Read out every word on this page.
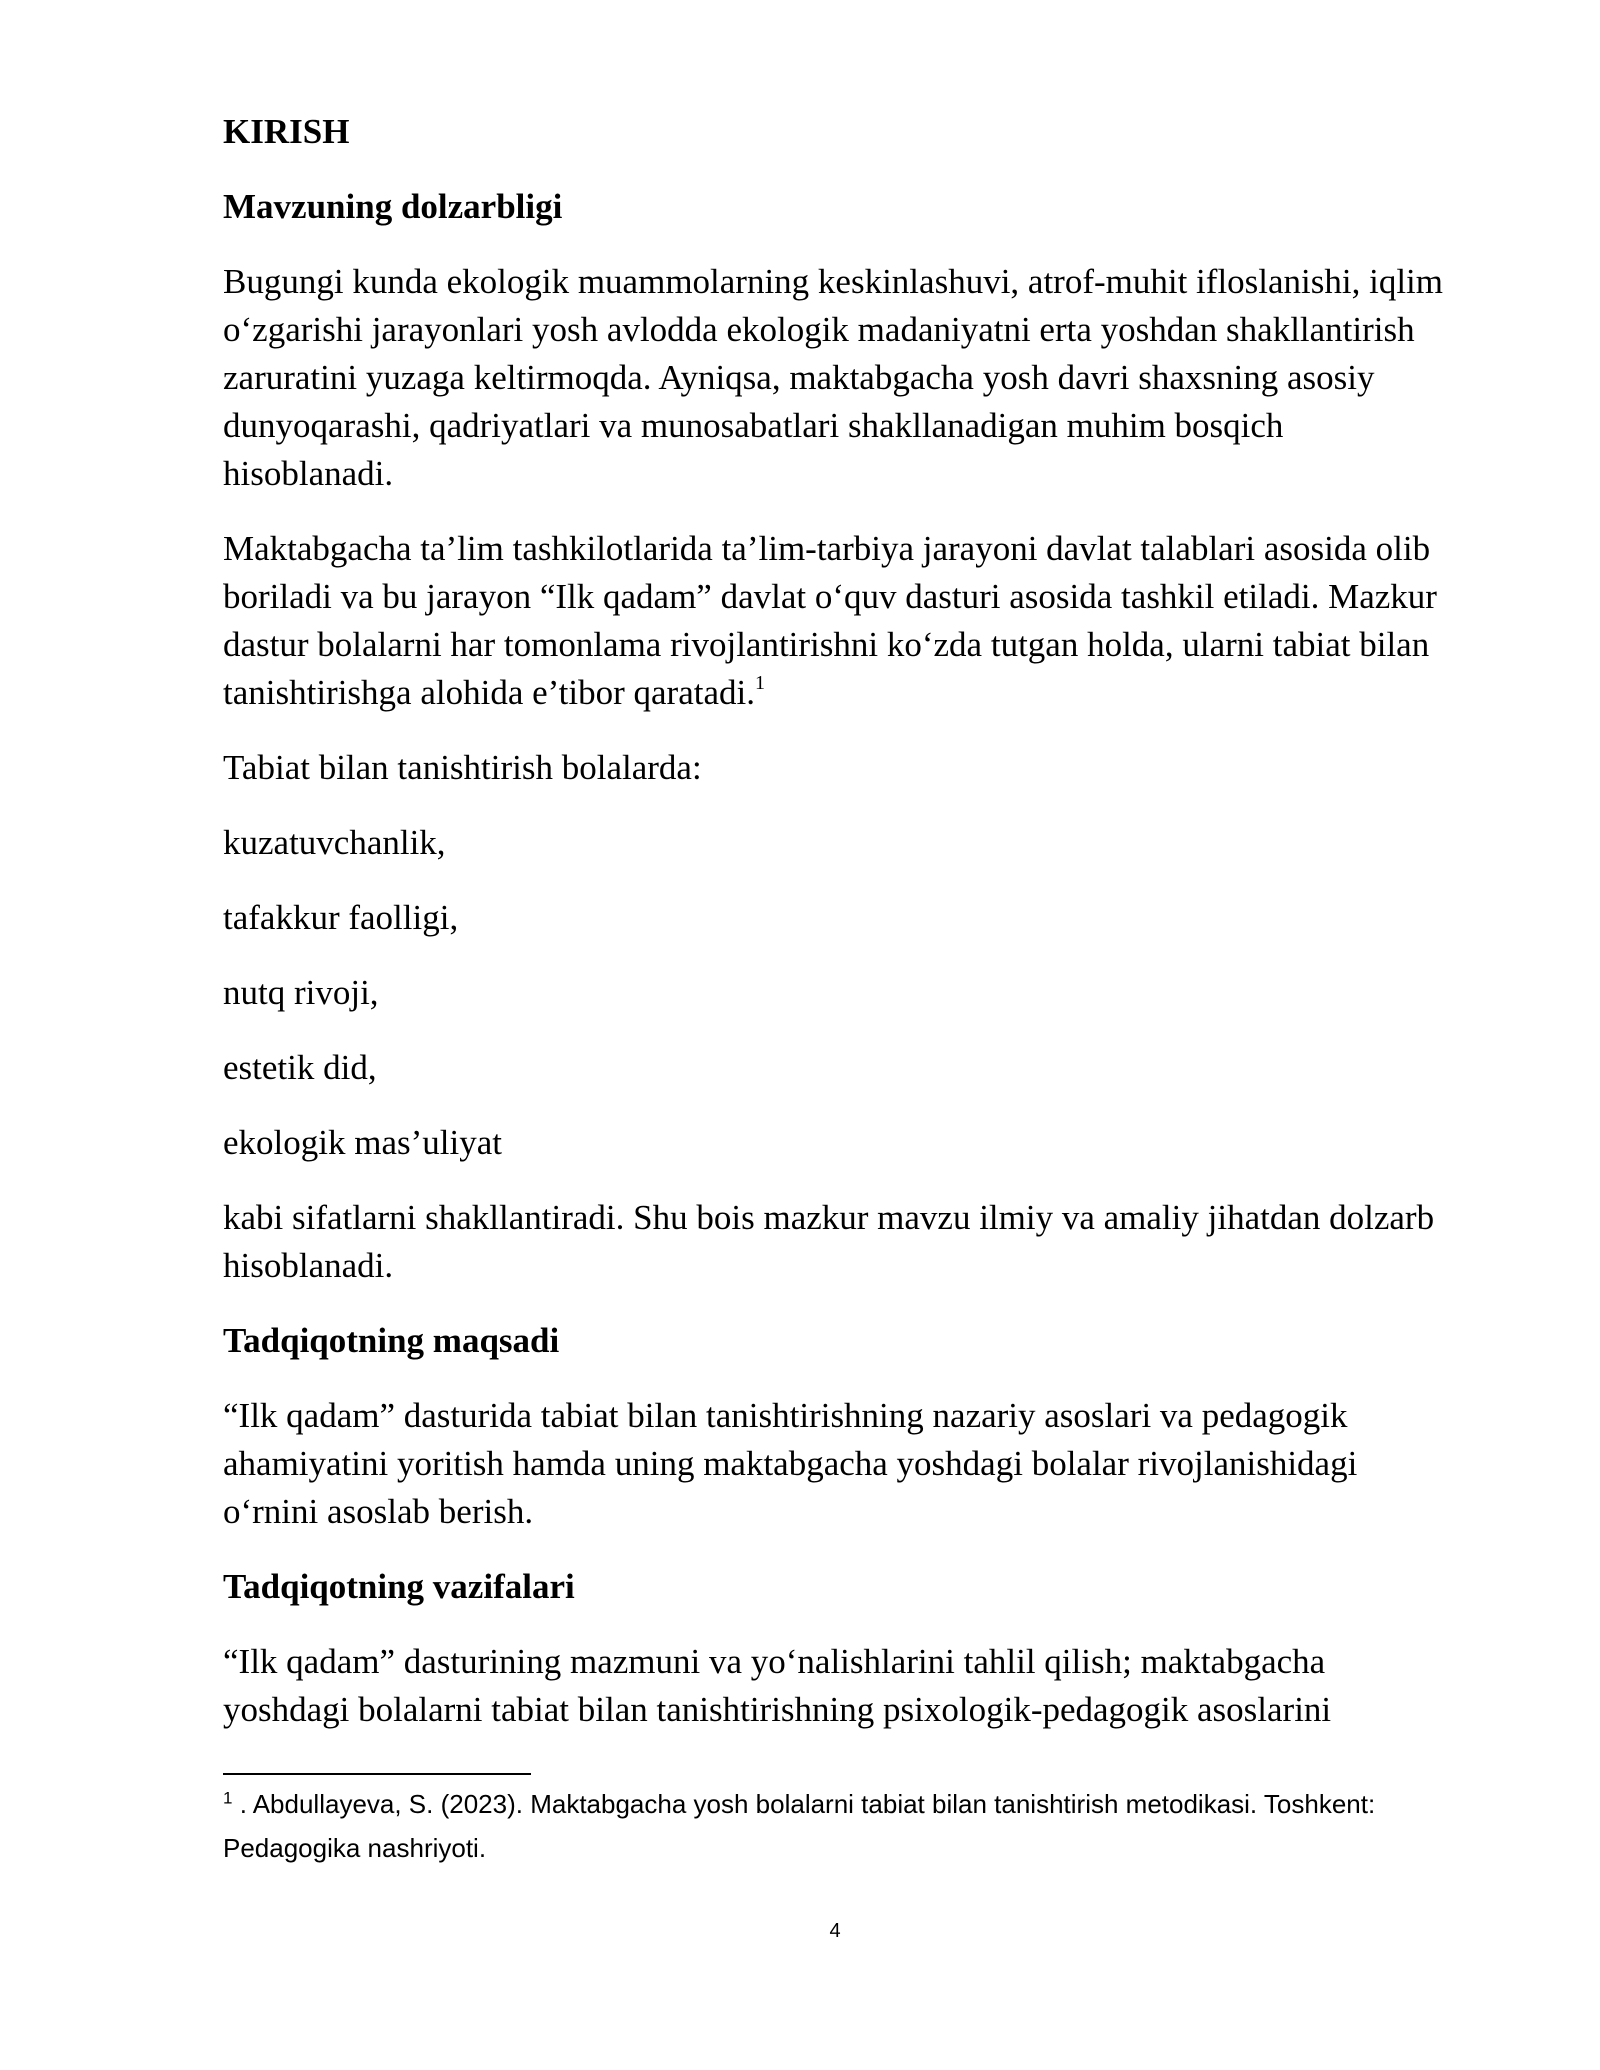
KIRISH
Mavzuning dolzarbligi

Bugungi kunda ekologik muammolarning keskinlashuvi, atrof-muhit ifloslanishi, iqlim o‘zgarishi jarayonlari yosh avlodda ekologik madaniyatni erta yoshdan shakllantirish zaruratini yuzaga keltirmoqda. Ayniqsa, maktabgacha yosh davri shaxsning asosiy dunyoqarashi, qadriyatlari va munosabatlari shakllanadigan muhim bosqich hisoblanadi.

Maktabgacha ta’lim tashkilotlarida ta’lim-tarbiya jarayoni davlat talablari asosida olib boriladi va bu jarayon “Ilk qadam” davlat o‘quv dasturi asosida tashkil etiladi. Mazkur dastur bolalarni har tomonlama rivojlantirishni ko‘zda tutgan holda, ularni tabiat bilan tanishtirishga alohida e’tibor qaratadi.$^1$

Tabiat bilan tanishtirish bolalarda:

kuzatuvchanlik,

tafakkur faolligi,

nutq rivoji,

estetik did,

ekologik mas’uliyat

kabi sifatlarni shakllantiradi. Shu bois mazkur mavzu ilmiy va amaliy jihatdan dolzarb hisoblanadi.

Tadqiqotning maqsadi

“Ilk qadam” dasturida tabiat bilan tanishtirishning nazariy asoslari va pedagogik ahamiyatini yoritish hamda uning maktabgacha yoshdagi bolalar rivojlanishidagi o‘rnini asoslab berish.

Tadqiqotning vazifalari

“Ilk qadam” dasturining mazmuni va yo‘nalishlarini tahlil qilish; maktabgacha yoshdagi bolalarni tabiat bilan tanishtirishning psixologik-pedagogik asoslarini

$^1$ . Abdullayeva, S. (2023). Maktabgacha yosh bolalarni tabiat bilan tanishtirish metodikasi. Toshkent: Pedagogika nashriyoti.
4
